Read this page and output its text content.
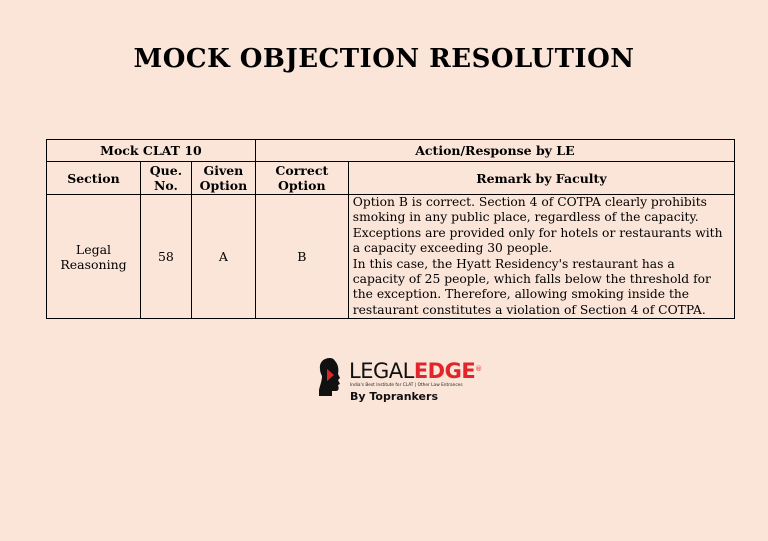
MOCK OBJECTION RESOLUTION
Mock CLAT 10			Action/Response by LE	
Section	Que. No.	Given Option	Correct Option	Remark by Faculty
Legal Reasoning	58	A	B	Option B is correct. Section 4 of COTPA clearly prohibits smoking in any public place, regardless of the capacity. Exceptions are provided only for hotels or restaurants with a capacity exceeding 30 people.

In this case, the Hyatt Residency's restaurant has a capacity of 25 people, which falls below the threshold for the exception. Therefore, allowing smoking inside the restaurant constitutes a violation of Section 4 of COTPA.

LEGALEDGE®
India's Best Institute for CLAT | Other Law Entrances
By Toprankers
